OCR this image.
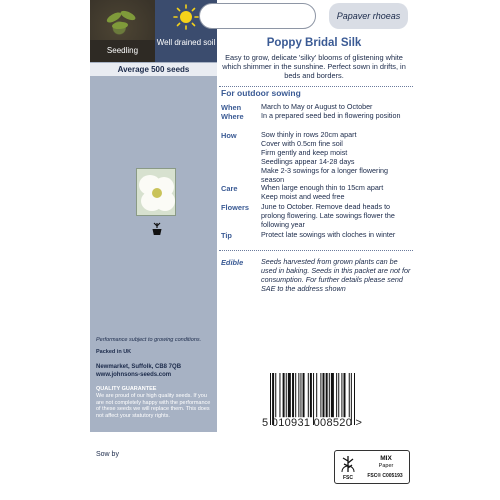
Seedling
Well drained soil
Average 500 seeds
Performance subject to growing conditions.
Packed in UK
Newmarket, Suffolk, CB8 7QB
www.johnsons-seeds.com
QUALITY GUARANTEE
We are proud of our high quality seeds. If you are not completely happy with the performance of these seeds we will replace them. This does not affect your statutory rights.
Papaver rhoeas
Poppy Bridal Silk
Easy to grow, delicate 'silky' blooms of glistening white which shimmer in the sunshine. Perfect sown in drifts, in beds and borders.
For outdoor sowing
When	March to May or August to October
Where In a prepared seed bed in flowering position
How	Sow thinly in rows 20cm apart
Cover with 0.5cm fine soil
Firm gently and keep moist
Seedlings appear 14-28 days
Make 2-3 sowings for a longer flowering season
Care	When large enough thin to 15cm apart
Keep moist and weed free
Flowers June to October. Remove dead heads to prolong flowering. Late sowings flower the following year
Tip	Protect late sowings with cloches in winter
Edible Seeds harvested from grown plants can be used in baking. Seeds in this packet are not for consumption. For further details please send SAE to the address shown
5 010931 008520 >
Sow by
FSC
MIX
Paper
FSC® C005193
